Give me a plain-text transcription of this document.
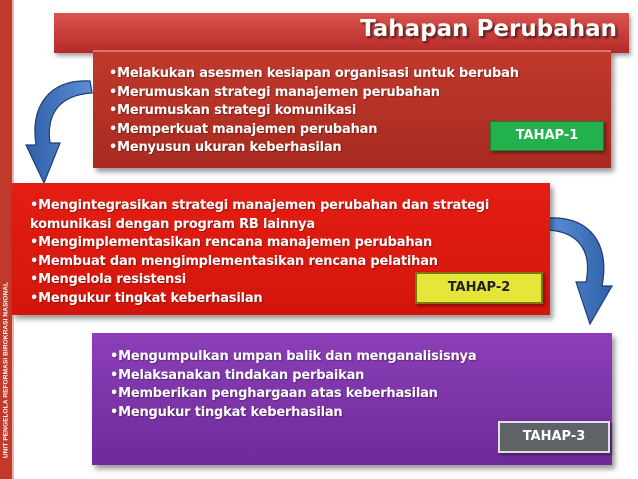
UNIT PENGELOLA REFORMASI BIROKRASI NASIONAL
Tahapan Perubahan
•Melakukan asesmen kesiapan organisasi untuk berubah
•Merumuskan strategi manajemen perubahan
•Merumuskan strategi komunikasi
•Memperkuat manajemen perubahan
•Menyusun ukuran keberhasilan
TAHAP-1
•Mengintegrasikan strategi manajemen perubahan dan strategi komunikasi dengan program RB lainnya
•Mengimplementasikan rencana manajemen perubahan
•Membuat dan mengimplementasikan rencana pelatihan
•Mengelola resistensi
•Mengukur tingkat keberhasilan
TAHAP-2
•Mengumpulkan umpan balik dan menganalisisnya
•Melaksanakan tindakan perbaikan
•Memberikan penghargaan atas keberhasilan
•Mengukur tingkat keberhasilan
TAHAP-3
